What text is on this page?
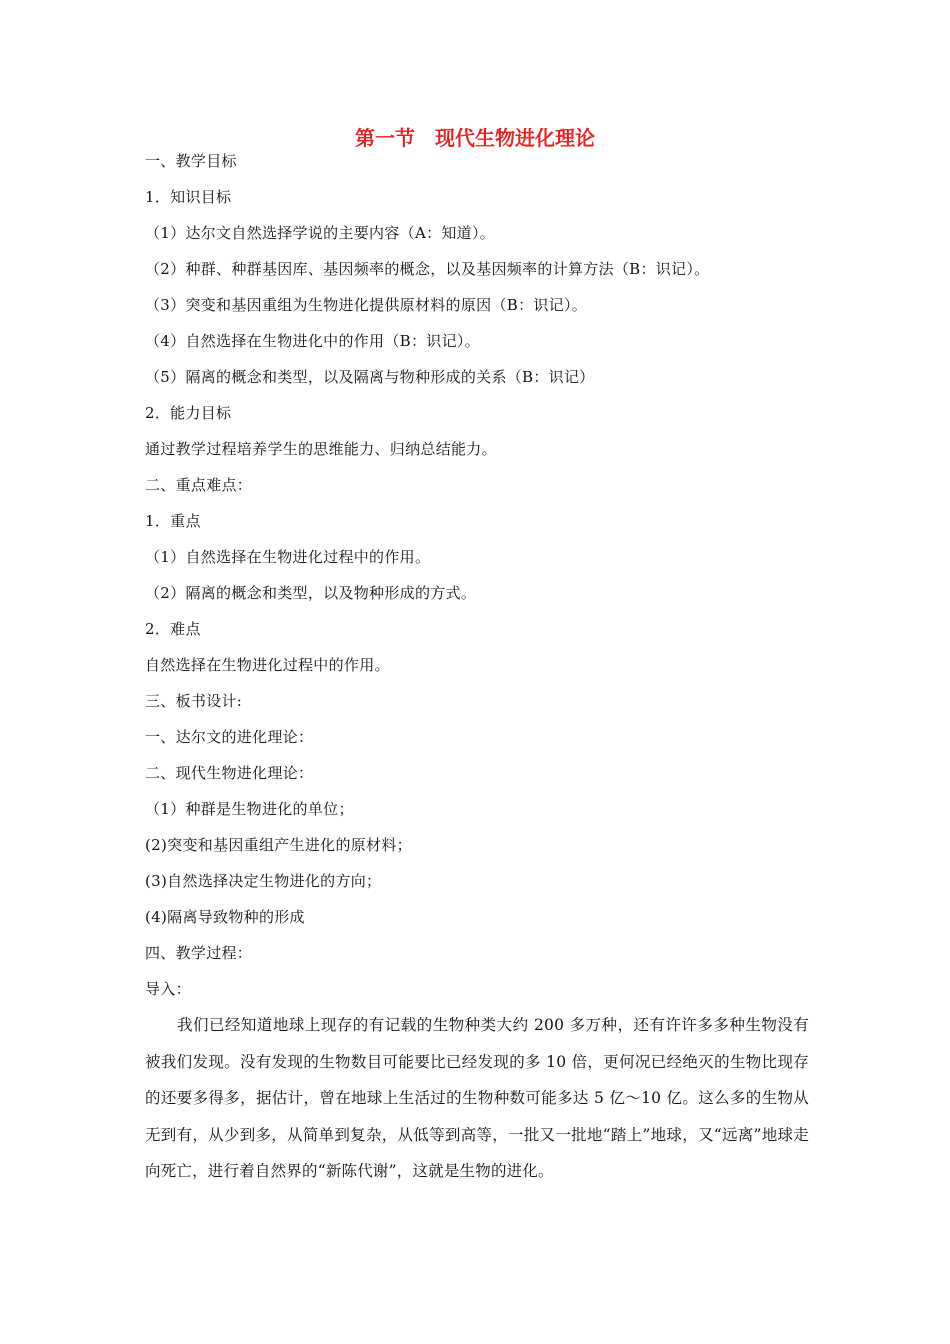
第一节　现代生物进化理论
一、教学目标
1．知识目标
（1）达尔文自然选择学说的主要内容（A：知道）。
（2）种群、种群基因库、基因频率的概念，以及基因频率的计算方法（B：识记）。
（3）突变和基因重组为生物进化提供原材料的原因（B：识记）。
（4）自然选择在生物进化中的作用（B：识记）。
（5）隔离的概念和类型，以及隔离与物种形成的关系（B：识记）
2．能力目标
通过教学过程培养学生的思维能力、归纳总结能力。
二、重点难点：
1．重点
（1）自然选择在生物进化过程中的作用。
（2）隔离的概念和类型，以及物种形成的方式。
2．难点
自然选择在生物进化过程中的作用。
三、板书设计:
一、达尔文的进化理论：
二、现代生物进化理论：
（1）种群是生物进化的单位；
(2)突变和基因重组产生进化的原材料；
(3)自然选择决定生物进化的方向；
(4)隔离导致物种的形成
四、教学过程：
导入：
我们已经知道地球上现存的有记载的生物种类大约 200 多万种，还有许许多多种生物没有被我们发现。没有发现的生物数目可能要比已经发现的多 10 倍，更何况已经绝灭的生物比现存的还要多得多，据估计，曾在地球上生活过的生物种数可能多达 5 亿～10 亿。这么多的生物从无到有，从少到多，从简单到复杂，从低等到高等，一批又一批地“踏上”地球，又“远离”地球走向死亡，进行着自然界的“新陈代谢”，这就是生物的进化。
